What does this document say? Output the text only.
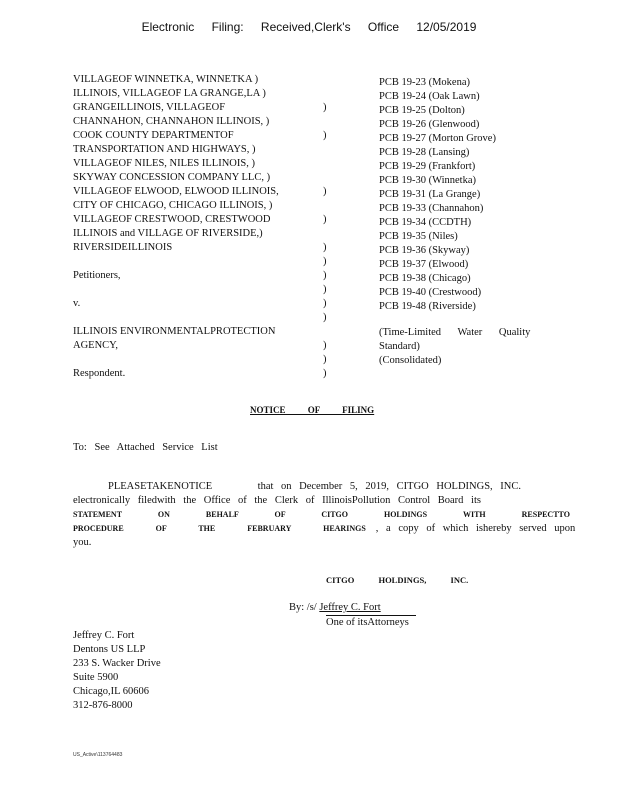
Electronic Filing: Received,Clerk's Office 12/05/2019
VILLAGEOF WINNETKA, WINNETKA )
ILLINOIS, VILLAGEOF LA GRANGE,LA )
GRANGEILLINOIS, VILLAGEOF
CHANNAHON, CHANNAHON ILLINOIS, )
COOK COUNTY DEPARTMENTOF
TRANSPORTATION AND HIGHWAYS, )
VILLAGEOF NILES, NILES ILLINOIS, )
SKYWAY CONCESSION COMPANY LLC, )
VILLAGEOF ELWOOD, ELWOOD ILLINOIS,
CITY OF CHICAGO, CHICAGO ILLINOIS, )
VILLAGEOF CRESTWOOD, CRESTWOOD
ILLINOIS and VILLAGE OF RIVERSIDE,)
RIVERSIDEILLINOIS

Petitioners,

v.

ILLINOIS ENVIRONMENTALPROTECTION
AGENCY,

Respondent.

)

)

)

)

)
)
)
)
)
)

)
)
)
PCB 19-23 (Mokena)
PCB 19-24 (Oak Lawn)
PCB 19-25 (Dolton)
PCB 19-26 (Glenwood)
PCB 19-27 (Morton Grove)
PCB 19-28 (Lansing)
PCB 19-29 (Frankfort)
PCB 19-30 (Winnetka)
PCB 19-31 (La Grange)
PCB 19-33 (Channahon)
PCB 19-34 (CCDTH)
PCB 19-35 (Niles)
PCB 19-36 (Skyway)
PCB 19-37 (Elwood)
PCB 19-38 (Chicago)
PCB 19-40 (Crestwood)
PCB 19-48 (Riverside)
(Time-Limited Water Quality
Standard)
(Consolidated)
NOTICE OF FILING
To: See Attached Service List
PLEASETAKENOTICE	that on December 5, 2019, CITGO HOLDINGS, INC.
electronically filedwith the Office of the Clerk of IllinoisPollution Control Board its
STATEMENT ON BEHALF OF CITGO HOLDINGS WITH RESPECTTO
PROCEDURE OF THE FEBRUARY HEARINGS , a copy of which ishereby served upon
you.
CITGO HOLDINGS, INC.
By: /s/ Jeffrey C. Fort
One of itsAttorneys
Jeffrey C. Fort
Dentons US LLP
233 S. Wacker Drive
Suite 5900
Chicago,IL 60606
312-876-8000
US_Active\113764483
